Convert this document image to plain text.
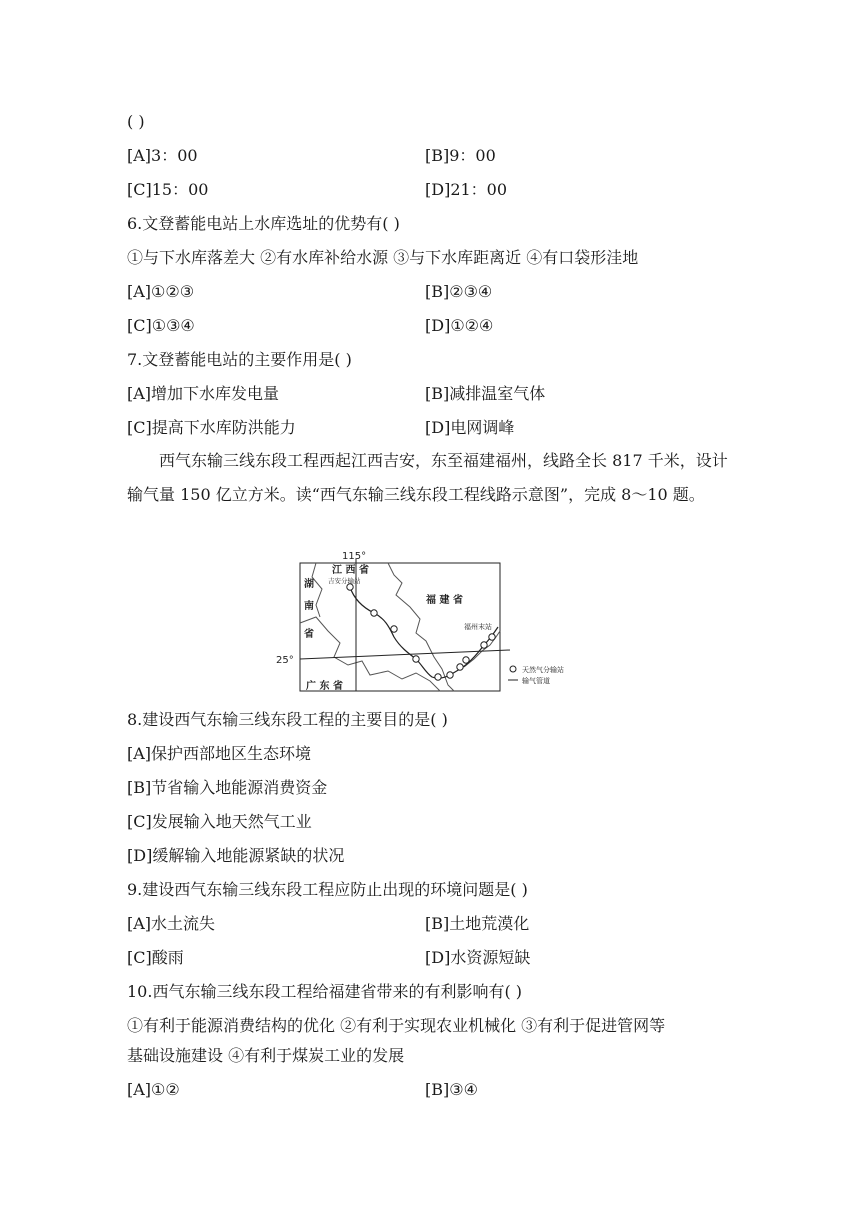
( )
[A]3：00	[B]9：00
[C]15：00	[D]21：00
6.文登蓄能电站上水库选址的优势有( )
①与下水库落差大 ②有水库补给水源 ③与下水库距离近 ④有口袋形洼地
[A]①②③	[B]②③④
[C]①③④	[D]①②④
7.文登蓄能电站的主要作用是( )
[A]增加下水库发电量	[B]减排温室气体
[C]提高下水库防洪能力	[D]电网调峰
西气东输三线东段工程西起江西吉安，东至福建福州，线路全长 817 千米，设计输气量 150 亿立方米。读“西气东输三线东段工程线路示意图”，完成 8～10 题。
115°
25°
江 西 省
吉安分输站
湖
南
省
福 建 省
福州末站
广 东 省
天然气分输站
输气管道
8.建设西气东输三线东段工程的主要目的是( )
[A]保护西部地区生态环境
[B]节省输入地能源消费资金
[C]发展输入地天然气工业
[D]缓解输入地能源紧缺的状况
9.建设西气东输三线东段工程应防止出现的环境问题是( )
[A]水土流失	[B]土地荒漠化
[C]酸雨	[D]水资源短缺
10.西气东输三线东段工程给福建省带来的有利影响有( )
①有利于能源消费结构的优化 ②有利于实现农业机械化 ③有利于促进管网等
基础设施建设 ④有利于煤炭工业的发展
[A]①②	[B]③④
